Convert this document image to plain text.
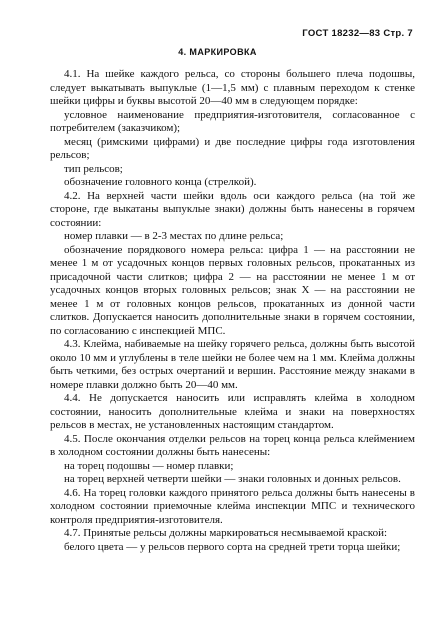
ГОСТ 18232—83 Стр. 7
4. МАРКИРОВКА

4.1. На шейке каждого рельса, со стороны большего плеча подошвы, следует выкатывать выпуклые (1—1,5 мм) с плавным переходом к стенке шейки цифры и буквы высотой 20—40 мм в следующем порядке:

условное наименование предприятия-изготовителя, согласованное с потребителем (заказчиком);

месяц (римскими цифрами) и две последние цифры года изготовления рельсов;

тип рельсов;

обозначение головного конца (стрелкой).

4.2. На верхней части шейки вдоль оси каждого рельса (на той же стороне, где выкатаны выпуклые знаки) должны быть нанесены в горячем состоянии:

номер плавки — в 2-3 местах по длине рельса;

обозначение порядкового номера рельса: цифра 1 — на расстоянии не менее 1 м от усадочных концов первых головных рельсов, прокатанных из присадочной части слитков; цифра 2 — на расстоянии не менее 1 м от усадочных концов вторых головных рельсов; знак Х — на расстоянии не менее 1 м от головных концов рельсов, прокатанных из донной части слитков. Допускается наносить дополнительные знаки в горячем состоянии, по согласованию с инспекцией МПС.

4.3. Клейма, набиваемые на шейку горячего рельса, должны быть высотой около 10 мм и углублены в теле шейки не более чем на 1 мм. Клейма должны быть четкими, без острых очертаний и вершин. Расстояние между знаками в номере плавки должно быть 20—40 мм.

4.4. Не допускается наносить или исправлять клейма в холодном состоянии, наносить дополнительные клейма и знаки на поверхностях рельсов в местах, не установленных настоящим стандартом.

4.5. После окончания отделки рельсов на торец конца рельса клеймением в холодном состоянии должны быть нанесены:

на торец подошвы — номер плавки;

на торец верхней четверти шейки — знаки головных и донных рельсов.

4.6. На торец головки каждого принятого рельса должны быть нанесены в холодном состоянии приемочные клейма инспекции МПС и технического контроля предприятия-изготовителя.

4.7. Принятые рельсы должны маркироваться несмываемой краской:

белого цвета — у рельсов первого сорта на средней трети торца шейки;
